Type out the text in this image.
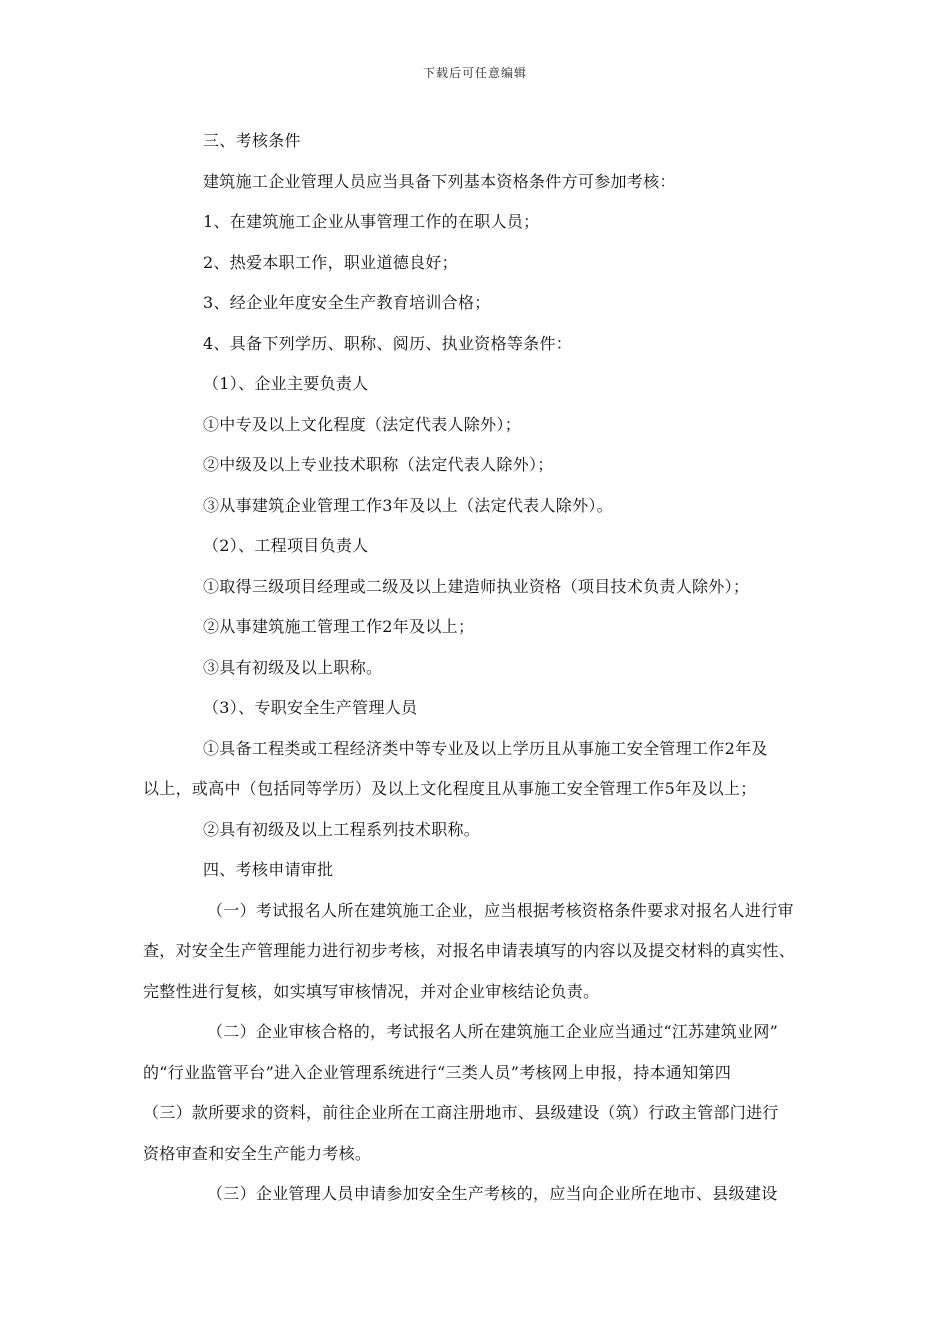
下载后可任意编辑

三、考核条件

建筑施工企业管理人员应当具备下列基本资格条件方可参加考核：

1、在建筑施工企业从事管理工作的在职人员；

2、热爱本职工作，职业道德良好；

3、经企业年度安全生产教育培训合格；

4、具备下列学历、职称、阅历、执业资格等条件：

（1）、企业主要负责人

①中专及以上文化程度（法定代表人除外）；

②中级及以上专业技术职称（法定代表人除外）；

③从事建筑企业管理工作3年及以上（法定代表人除外）。

（2）、工程项目负责人

①取得三级项目经理或二级及以上建造师执业资格（项目技术负责人除外）；

②从事建筑施工管理工作2年及以上；

③具有初级及以上职称。

（3）、专职安全生产管理人员

①具备工程类或工程经济类中等专业及以上学历且从事施工安全管理工作2年及
以上，或高中（包括同等学历）及以上文化程度且从事施工安全管理工作5年及以上；

②具有初级及以上工程系列技术职称。

四、考核申请审批

（一）考试报名人所在建筑施工企业，应当根据考核资格条件要求对报名人进行审
查，对安全生产管理能力进行初步考核，对报名申请表填写的内容以及提交材料的真实性、
完整性进行复核，如实填写审核情况，并对企业审核结论负责。
（二）企业审核合格的，考试报名人所在建筑施工企业应当通过“江苏建筑业网”
的“行业监管平台”进入企业管理系统进行“三类人员”考核网上申报，持本通知第四
（三）款所要求的资料，前往企业所在工商注册地市、县级建设（筑）行政主管部门进行
资格审查和安全生产能力考核。
（三）企业管理人员申请参加安全生产考核的，应当向企业所在地市、县级建设
